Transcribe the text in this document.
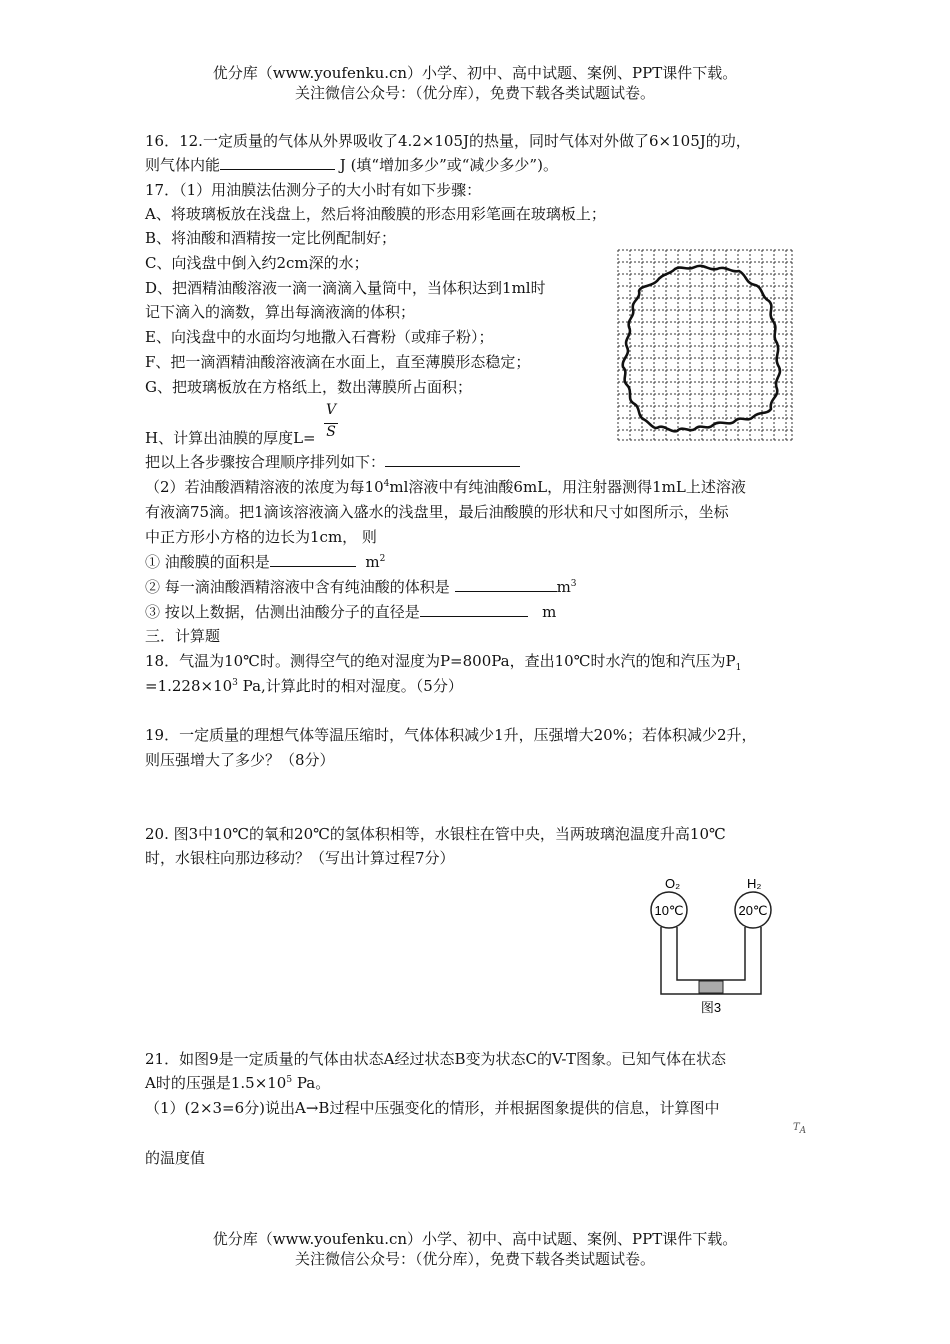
优分库（www.youfenku.cn）小学、初中、高中试题、案例、PPT课件下载。
关注微信公众号：（优分库），免费下载各类试题试卷。
16．12.一定质量的气体从外界吸收了4.2×105J的热量，同时气体对外做了6×105J的功，
则气体内能	J (填“增加多少”或“减少多少”)。
17．（1）用油膜法估测分子的大小时有如下步骤：
A、将玻璃板放在浅盘上，然后将油酸膜的形态用彩笔画在玻璃板上；
B、将油酸和酒精按一定比例配制好；
C、向浅盘中倒入约2cm深的水；
D、把酒精油酸溶液一滴一滴滴入量筒中，当体积达到1ml时
记下滴入的滴数，算出每滴液滴的体积；
E、向浅盘中的水面均匀地撒入石膏粉（或痱子粉）；
F、把一滴酒精油酸溶液滴在水面上，直至薄膜形态稳定；
G、把玻璃板放在方格纸上，数出薄膜所占面积；
V
S
H、计算出油膜的厚度L=
把以上各步骤按合理顺序排列如下：
（2）若油酸酒精溶液的浓度为每$10^4ml$溶液中有纯油酸6mL，用注射器测得1mL上述溶液
有液滴75滴。把1滴该溶液滴入盛水的浅盘里，最后油酸膜的形状和尺寸如图所示，坐标
中正方形小方格的边长为1cm， 则
① 油酸膜的面积是	$m^2$
② 每一滴油酸酒精溶液中含有纯油酸的体积是	$m^3$
③ 按以上数据，估测出油酸分子的直径是	m
三．计算题
18．气温为10℃时。测得空气的绝对湿度为P=800Pa，查出10℃时水汽的饱和汽压为$P_1$
$=1.228\times 10^3$ Pa,计算此时的相对湿度。（5分）
19．一定质量的理想气体等温压缩时，气体体积减少1升，压强增大20%；若体积减少2升，
则压强增大了多少？（8分）
20. 图3中10℃的氧和20℃的氢体积相等，水银柱在管中央，当两玻璃泡温度升高10℃
时，水银柱向那边移动？（写出计算过程7分）
O₂	H₂
10℃	20℃
图3
21．如图9是一定质量的气体由状态A经过状态B变为状态C的V-T图象。已知气体在状态
A时的压强是$1.5\times 10^5$ Pa。
（1）(2×3=6分)说出A→B过程中压强变化的情形，并根据图象提供的信息，计算图中
$T_A$
的温度值
优分库（www.youfenku.cn）小学、初中、高中试题、案例、PPT课件下载。
关注微信公众号：（优分库），免费下载各类试题试卷。
